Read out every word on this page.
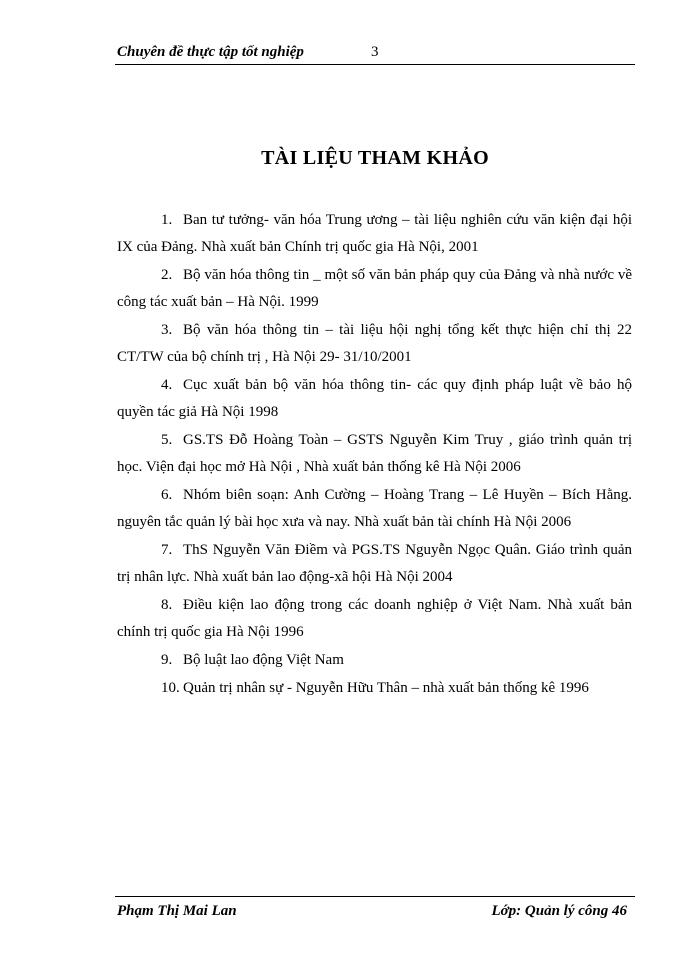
Chuyên đề thực tập tốt nghiệp	3
TÀI LIỆU THAM KHẢO
1. Ban tư tưởng- văn hóa Trung ương – tài liệu nghiên cứu văn kiện đại hội IX của Đảng. Nhà xuất bản Chính trị quốc gia Hà Nội, 2001
2. Bộ văn hóa thông tin _ một số văn bản pháp quy của Đảng và nhà nước về công tác xuất bản – Hà Nội. 1999
3. Bộ văn hóa thông tin – tài liệu hội nghị tổng kết thực hiện chỉ thị 22 CT/TW của bộ chính trị , Hà Nội 29- 31/10/2001
4. Cục xuất bản bộ văn hóa thông tin- các quy định pháp luật về bảo hộ quyền tác giả Hà Nội 1998
5. GS.TS Đỗ Hoàng Toàn – GSTS Nguyễn Kim Truy , giáo trình quản trị học. Viện đại học mở Hà Nội , Nhà xuất bản thống kê Hà Nội 2006
6. Nhóm biên soạn: Anh Cường – Hoàng Trang – Lê Huyền – Bích Hằng. nguyên tắc quản lý bài học xưa và nay. Nhà xuất bản tài chính Hà Nội 2006
7. ThS Nguyễn Văn Điềm và PGS.TS Nguyễn Ngọc Quân. Giáo trình quản trị nhân lực. Nhà xuất bản lao động-xã hội Hà Nội 2004
8. Điều kiện lao động trong các doanh nghiệp ở Việt Nam. Nhà xuất bản chính trị quốc gia Hà Nội 1996
9. Bộ luật lao động Việt Nam
10. Quản trị nhân sự - Nguyễn Hữu Thân – nhà xuất bản thống kê 1996
Phạm Thị Mai Lan	Lớp: Quản lý công 46
